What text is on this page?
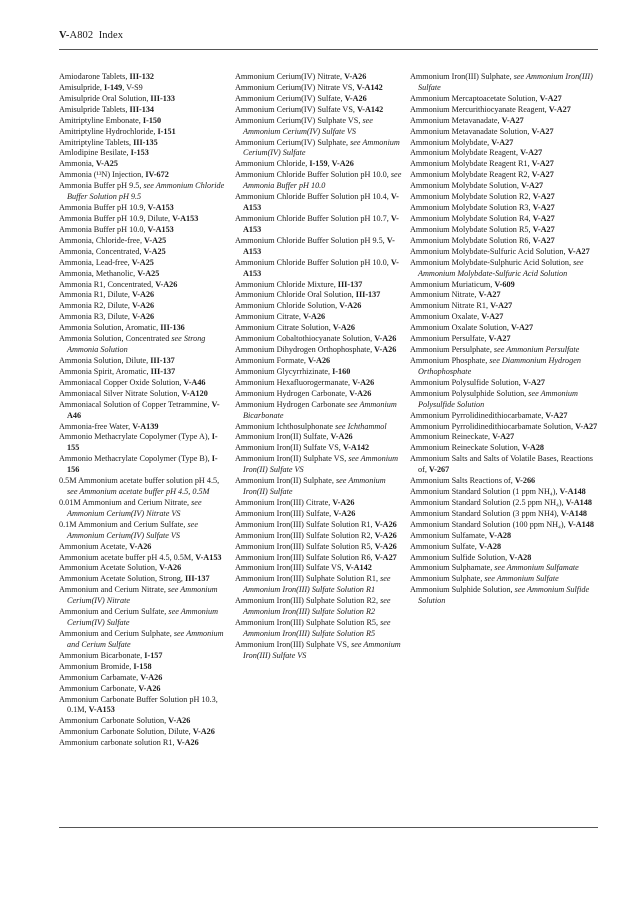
V-A802 Index

Amiodarone Tablets, III-132

Amisulpride, I-149, V-S9

Amisulpride Oral Solution, III-133

Amisulpride Tablets, III-134

Amitriptyline Embonate, I-150

Amitriptyline Hydrochloride, I-151

Amitriptyline Tablets, III-135

Amlodipine Besilate, I-153

Ammonia, V-A25

Ammonia (¹³N) Injection, IV-672

Ammonia Buffer pH 9.5, see Ammonium Chloride Buffer Solution pH 9.5

Ammonia Buffer pH 10.9, V-A153

Ammonia Buffer pH 10.9, Dilute, V-A153

Ammonia Buffer pH 10.0, V-A153

Ammonia, Chloride-free, V-A25

Ammonia, Concentrated, V-A25

Ammonia, Lead-free, V-A25

Ammonia, Methanolic, V-A25

Ammonia R1, Concentrated, V-A26

Ammonia R1, Dilute, V-A26

Ammonia R2, Dilute, V-A26

Ammonia R3, Dilute, V-A26

Ammonia Solution, Aromatic, III-136

Ammonia Solution, Concentrated see Strong Ammonia Solution

Ammonia Solution, Dilute, III-137

Ammonia Spirit, Aromatic, III-137

Ammoniacal Copper Oxide Solution, V-A46

Ammoniacal Silver Nitrate Solution, V-A120

Ammoniacal Solution of Copper Tetrammine, V-A46

Ammonia-free Water, V-A139

Ammonio Methacrylate Copolymer (Type A), I-155

Ammonio Methacrylate Copolymer (Type B), I-156

0.5M Ammonium acetate buffer solution pH 4.5, see Ammonium acetate buffer pH 4.5, 0.5M

0.01M Ammonium and Cerium Nitrate, see Ammonium Cerium(IV) Nitrate VS

0.1M Ammonium and Cerium Sulfate, see Ammonium Cerium(IV) Sulfate VS

Ammonium Acetate, V-A26

Ammonium acetate buffer pH 4.5, 0.5M, V-A153

Ammonium Acetate Solution, V-A26

Ammonium Acetate Solution, Strong, III-137

Ammonium and Cerium Nitrate, see Ammonium Cerium(IV) Nitrate

Ammonium and Cerium Sulfate, see Ammonium Cerium(IV) Sulfate

Ammonium and Cerium Sulphate, see Ammonium and Cerium Sulfate

Ammonium Bicarbonate, I-157

Ammonium Bromide, I-158

Ammonium Carbamate, V-A26

Ammonium Carbonate, V-A26

Ammonium Carbonate Buffer Solution pH 10.3, 0.1M, V-A153

Ammonium Carbonate Solution, V-A26

Ammonium Carbonate Solution, Dilute, V-A26

Ammonium carbonate solution R1, V-A26

Ammonium Cerium(IV) Nitrate, V-A26

Ammonium Cerium(IV) Nitrate VS, V-A142

Ammonium Cerium(IV) Sulfate, V-A26

Ammonium Cerium(IV) Sulfate VS, V-A142

Ammonium Cerium(IV) Sulphate VS, see Ammonium Cerium(IV) Sulfate VS

Ammonium Cerium(IV) Sulphate, see Ammonium Cerium(IV) Sulfate

Ammonium Chloride, I-159, V-A26

Ammonium Chloride Buffer Solution pH 10.0, see Ammonia Buffer pH 10.0

Ammonium Chloride Buffer Solution pH 10.4, V-A153

Ammonium Chloride Buffer Solution pH 10.7, V-A153

Ammonium Chloride Buffer Solution pH 9.5, V-A153

Ammonium Chloride Buffer Solution pH 10.0, V-A153

Ammonium Chloride Mixture, III-137

Ammonium Chloride Oral Solution, III-137

Ammonium Chloride Solution, V-A26

Ammonium Citrate, V-A26

Ammonium Citrate Solution, V-A26

Ammonium Cobaltothiocyanate Solution, V-A26

Ammonium Dihydrogen Orthophosphate, V-A26

Ammonium Formate, V-A26

Ammonium Glycyrrhizinate, I-160

Ammonium Hexafluorogermanate, V-A26

Ammonium Hydrogen Carbonate, V-A26

Ammonium Hydrogen Carbonate see Ammonium Bicarbonate

Ammonium Ichthosulphonate see Ichthammol

Ammonium Iron(II) Sulfate, V-A26

Ammonium Iron(II) Sulfate VS, V-A142

Ammonium Iron(II) Sulphate VS, see Ammonium Iron(II) Sulfate VS

Ammonium Iron(II) Sulphate, see Ammonium Iron(II) Sulfate

Ammonium Iron(III) Citrate, V-A26

Ammonium Iron(III) Sulfate, V-A26

Ammonium Iron(III) Sulfate Solution R1, V-A26

Ammonium Iron(III) Sulfate Solution R2, V-A26

Ammonium Iron(III) Sulfate Solution R5, V-A26

Ammonium Iron(III) Sulfate Solution R6, V-A27

Ammonium Iron(III) Sulfate VS, V-A142

Ammonium Iron(III) Sulphate Solution R1, see Ammonium Iron(III) Sulfate Solution R1

Ammonium Iron(III) Sulphate Solution R2, see Ammonium Iron(III) Sulfate Solution R2

Ammonium Iron(III) Sulphate Solution R5, see Ammonium Iron(III) Sulfate Solution R5

Ammonium Iron(III) Sulphate VS, see Ammonium Iron(III) Sulfate VS

Ammonium Iron(III) Sulphate, see Ammonium Iron(III) Sulfate

Ammonium Mercaptoacetate Solution, V-A27

Ammonium Mercurithiocyanate Reagent, V-A27

Ammonium Metavanadate, V-A27

Ammonium Metavanadate Solution, V-A27

Ammonium Molybdate, V-A27

Ammonium Molybdate Reagent, V-A27

Ammonium Molybdate Reagent R1, V-A27

Ammonium Molybdate Reagent R2, V-A27

Ammonium Molybdate Solution, V-A27

Ammonium Molybdate Solution R2, V-A27

Ammonium Molybdate Solution R3, V-A27

Ammonium Molybdate Solution R4, V-A27

Ammonium Molybdate Solution R5, V-A27

Ammonium Molybdate Solution R6, V-A27

Ammonium Molybdate-Sulfuric Acid Solution, V-A27

Ammonium Molybdate-Sulphuric Acid Solution, see Ammonium Molybdate-Sulfuric Acid Solution

Ammonium Muriaticum, V-609

Ammonium Nitrate, V-A27

Ammonium Nitrate R1, V-A27

Ammonium Oxalate, V-A27

Ammonium Oxalate Solution, V-A27

Ammonium Persulfate, V-A27

Ammonium Persulphate, see Ammonium Persulfate

Ammonium Phosphate, see Diammonium Hydrogen Orthophosphate

Ammonium Polysulfide Solution, V-A27

Ammonium Polysulphide Solution, see Ammonium Polysulfide Solution

Ammonium Pyrrolidinedithiocarbamate, V-A27

Ammonium Pyrrolidinedithiocarbamate Solution, V-A27

Ammonium Reineckate, V-A27

Ammonium Reineckate Solution, V-A28

Ammonium Salts and Salts of Volatile Bases, Reactions of, V-267

Ammonium Salts Reactions of, V-266

Ammonium Standard Solution (1 ppm NH₄), V-A148

Ammonium Standard Solution (2.5 ppm NH₄), V-A148

Ammonium Standard Solution (3 ppm NH4), V-A148

Ammonium Standard Solution (100 ppm NH₄), V-A148

Ammonium Sulfamate, V-A28

Ammonium Sulfate, V-A28

Ammonium Sulfide Solution, V-A28

Ammonium Sulphamate, see Ammonium Sulfamate

Ammonium Sulphate, see Ammonium Sulfate

Ammonium Sulphide Solution, see Ammonium Sulfide Solution
